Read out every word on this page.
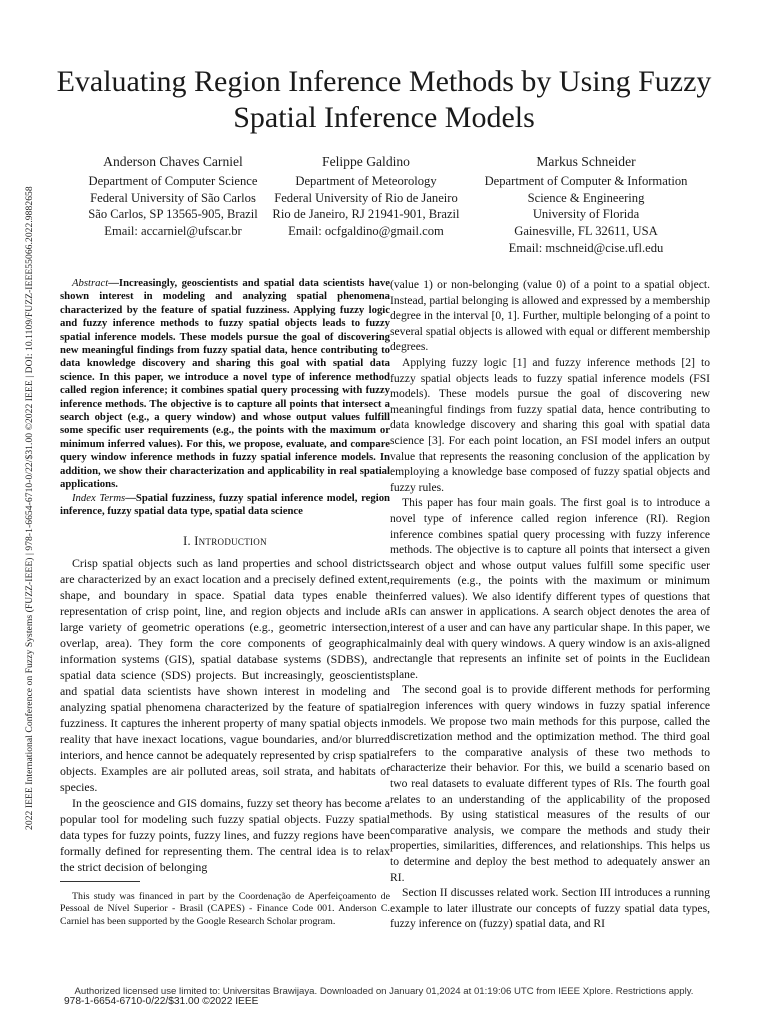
2022 IEEE International Conference on Fuzzy Systems (FUZZ-IEEE) | 978-1-6654-6710-0/22/$31.00 ©2022 IEEE | DOI: 10.1109/FUZZ-IEEE55066.2022.9882658
Evaluating Region Inference Methods by Using Fuzzy Spatial Inference Models
Anderson Chaves Carniel
Department of Computer Science
Federal University of São Carlos
São Carlos, SP 13565-905, Brazil
Email: accarniel@ufscar.br
Felippe Galdino
Department of Meteorology
Federal University of Rio de Janeiro
Rio de Janeiro, RJ 21941-901, Brazil
Email: ocfgaldino@gmail.com
Markus Schneider
Department of Computer & Information
Science & Engineering
University of Florida
Gainesville, FL 32611, USA
Email: mschneid@cise.ufl.edu

Abstract—Increasingly, geoscientists and spatial data scientists have shown interest in modeling and analyzing spatial phenomena characterized by the feature of spatial fuzziness. Applying fuzzy logic and fuzzy inference methods to fuzzy spatial objects leads to fuzzy spatial inference models. These models pursue the goal of discovering new meaningful findings from fuzzy spatial data, hence contributing to data knowledge discovery and sharing this goal with spatial data science. In this paper, we introduce a novel type of inference method called region inference; it combines spatial query processing with fuzzy inference methods. The objective is to capture all points that intersect a search object (e.g., a query window) and whose output values fulfill some specific user requirements (e.g., the points with the maximum or minimum inferred values). For this, we propose, evaluate, and compare query window inference methods in fuzzy spatial inference models. In addition, we show their characterization and applicability in real spatial applications.

Index Terms—Spatial fuzziness, fuzzy spatial inference model, region inference, fuzzy spatial data type, spatial data science

I. Introduction

Crisp spatial objects such as land properties and school districts are characterized by an exact location and a precisely defined extent, shape, and boundary in space. Spatial data types enable the representation of crisp point, line, and region objects and include a large variety of geometric operations (e.g., geometric intersection, overlap, area). They form the core components of geographical information systems (GIS), spatial database systems (SDBS), and spatial data science (SDS) projects. But increasingly, geoscientists and spatial data scientists have shown interest in modeling and analyzing spatial phenomena characterized by the feature of spatial fuzziness. It captures the inherent property of many spatial objects in reality that have inexact locations, vague boundaries, and/or blurred interiors, and hence cannot be adequately represented by crisp spatial objects. Examples are air polluted areas, soil strata, and habitats of species.

In the geoscience and GIS domains, fuzzy set theory has become a popular tool for modeling such fuzzy spatial objects. Fuzzy spatial data types for fuzzy points, fuzzy lines, and fuzzy regions have been formally defined for representing them. The central idea is to relax the strict decision of belonging

This study was financed in part by the Coordenação de Aperfeiçoamento de Pessoal de Nível Superior - Brasil (CAPES) - Finance Code 001. Anderson C. Carniel has been supported by the Google Research Scholar program.

(value 1) or non-belonging (value 0) of a point to a spatial object. Instead, partial belonging is allowed and expressed by a membership degree in the interval [0, 1]. Further, multiple belonging of a point to several spatial objects is allowed with equal or different membership degrees.

Applying fuzzy logic [1] and fuzzy inference methods [2] to fuzzy spatial objects leads to fuzzy spatial inference models (FSI models). These models pursue the goal of discovering new meaningful findings from fuzzy spatial data, hence contributing to data knowledge discovery and sharing this goal with spatial data science [3]. For each point location, an FSI model infers an output value that represents the reasoning conclusion of the application by employing a knowledge base composed of fuzzy spatial objects and fuzzy rules.

This paper has four main goals. The first goal is to introduce a novel type of inference called region inference (RI). Region inference combines spatial query processing with fuzzy inference methods. The objective is to capture all points that intersect a given search object and whose output values fulfill some specific user requirements (e.g., the points with the maximum or minimum inferred values). We also identify different types of questions that RIs can answer in applications. A search object denotes the area of interest of a user and can have any particular shape. In this paper, we mainly deal with query windows. A query window is an axis-aligned rectangle that represents an infinite set of points in the Euclidean plane.

The second goal is to provide different methods for performing region inferences with query windows in fuzzy spatial inference models. We propose two main methods for this purpose, called the discretization method and the optimization method. The third goal refers to the comparative analysis of these two methods to characterize their behavior. For this, we build a scenario based on two real datasets to evaluate different types of RIs. The fourth goal relates to an understanding of the applicability of the proposed methods. By using statistical measures of the results of our comparative analysis, we compare the methods and study their properties, similarities, differences, and relationships. This helps us to determine and deploy the best method to adequately answer an RI.

Section II discusses related work. Section III introduces a running example to later illustrate our concepts of fuzzy spatial data types, fuzzy inference on (fuzzy) spatial data, and RI

Authorized licensed use limited to: Universitas Brawijaya. Downloaded on January 01,2024 at 01:19:06 UTC from IEEE Xplore. Restrictions apply.
978-1-6654-6710-0/22/$31.00 ©2022 IEEE
